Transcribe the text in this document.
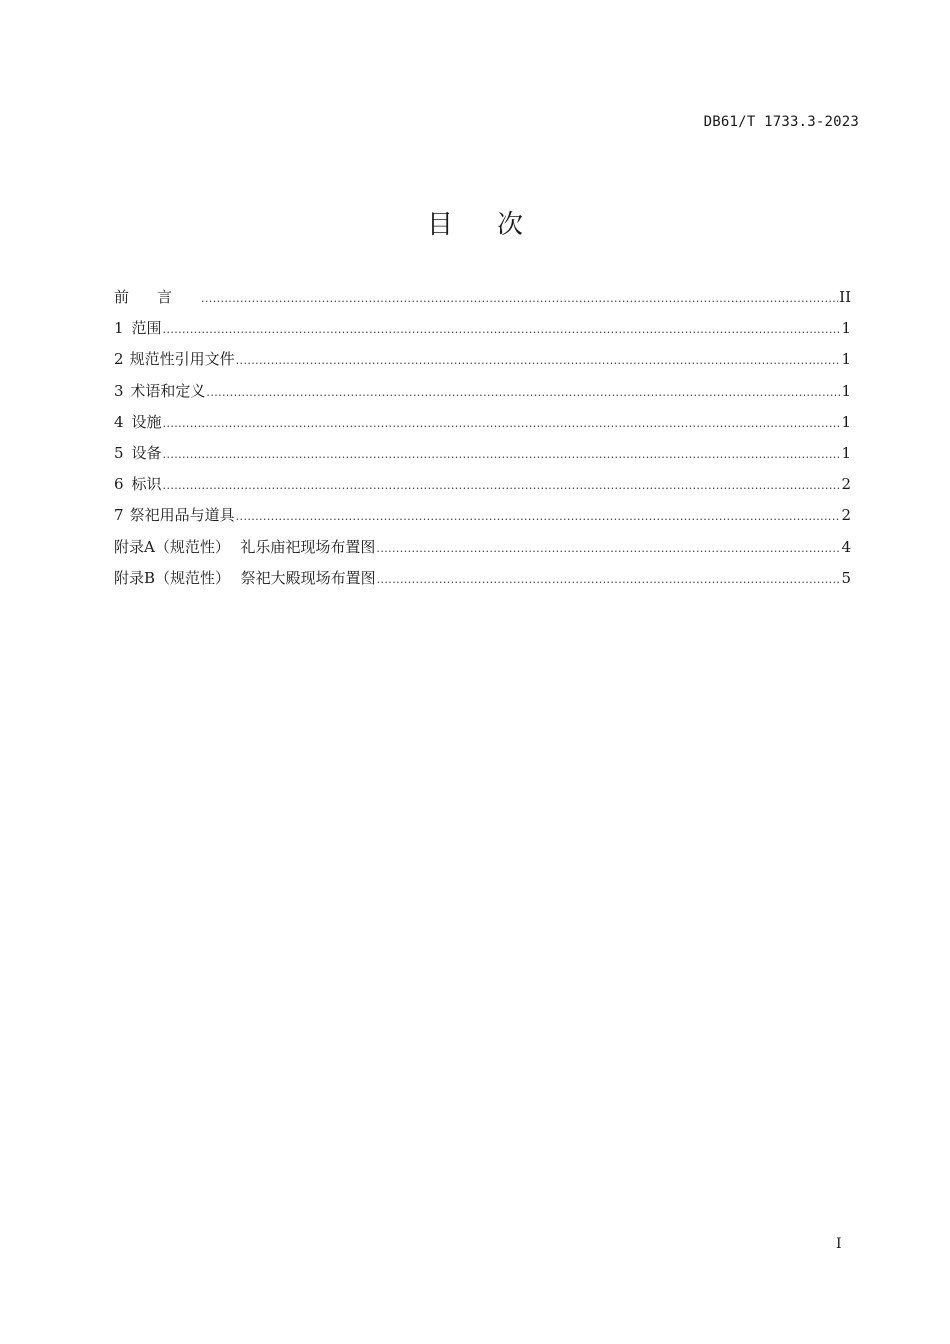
DB61/T 1733.3-2023
目次
前言 .....	II
1 范围 .....	1
2 规范性引用文件 .....	1
3 术语和定义 .....	1
4 设施 .....	1
5 设备 .....	1
6 标识 .....	2
7 祭祀用品与道具 .....	2
附录A（规范性） 礼乐庙祀现场布置图 .....	4
附录B（规范性） 祭祀大殿现场布置图 .....	5
I
